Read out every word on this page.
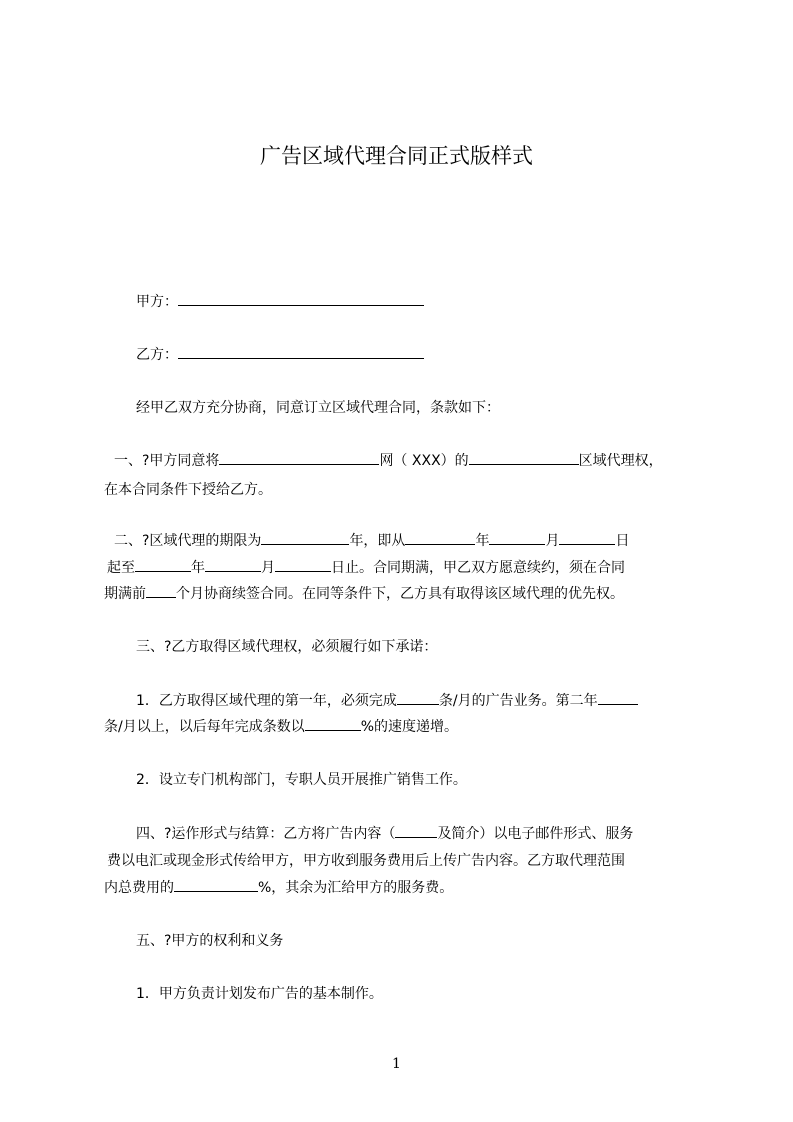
广告区域代理合同正式版样式
甲方：
乙方：
经甲乙双方充分协商，同意订立区域代理合同，条款如下：
一、?甲方同意将	网（ XXX）的	区域代理权，
在本合同条件下授给乙方。
二、?区域代理的期限为	年，即从	年	月	日
起至	年	月	日止。合同期满，甲乙双方愿意续约，须在合同
期满前 个月协商续签合同。在同等条件下，乙方具有取得该区域代理的优先权。
三、?乙方取得区域代理权，必须履行如下承诺：
1．乙方取得区域代理的第一年，必须完成	条/月的广告业务。第二年
条/月以上，以后每年完成条数以	%的速度递增。
2．设立专门机构部门，专职人员开展推广销售工作。
四、?运作形式与结算：乙方将广告内容（	及简介）以电子邮件形式、服务
费以电汇或现金形式传给甲方，甲方收到服务费用后上传广告内容。乙方取代理范围
内总费用的	%，其余为汇给甲方的服务费。
五、?甲方的权利和义务
1．甲方负责计划发布广告的基本制作。
1
